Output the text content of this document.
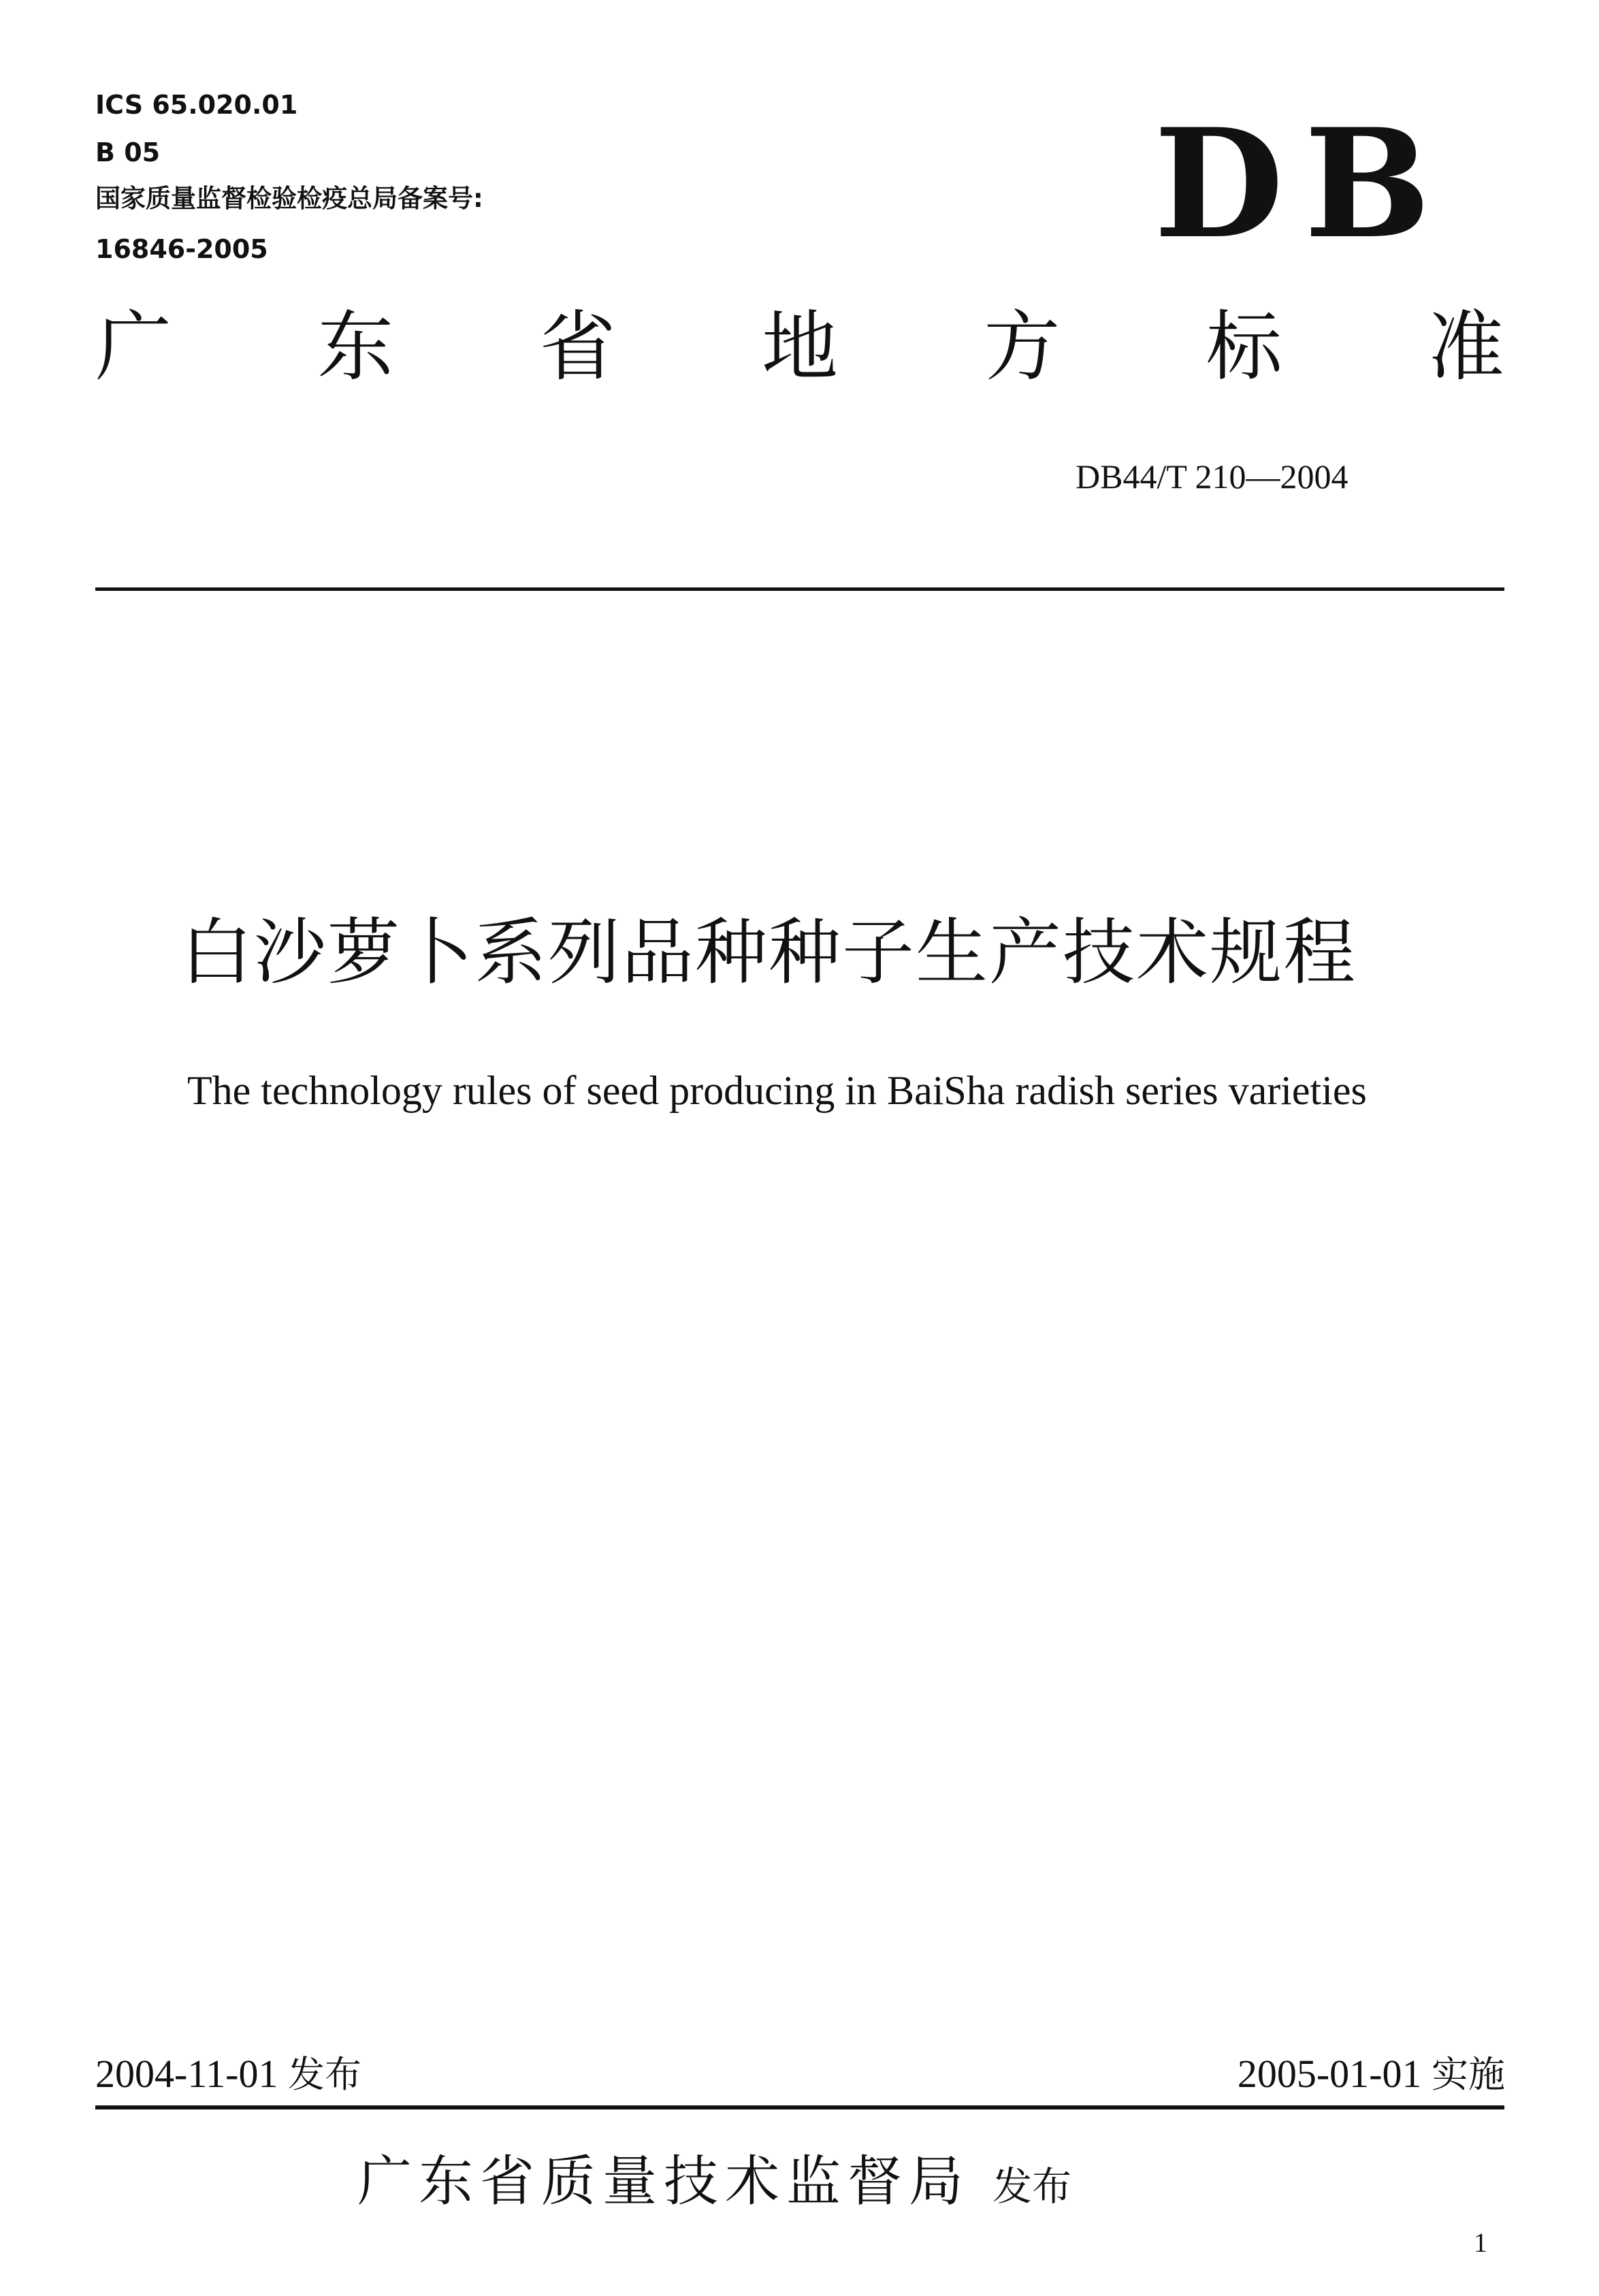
ICS 65.020.01
B 05
国家质量监督检验检疫总局备案号:
16846-2005	DB
广 东 省 地 方 标 准
DB44/T 210—2004
白沙萝卜系列品种种子生产技术规程
The technology rules of seed producing in BaiSha radish series varieties
2004-11-01 发布	2005-01-01 实施
广东省质量技术监督局 发布
1
